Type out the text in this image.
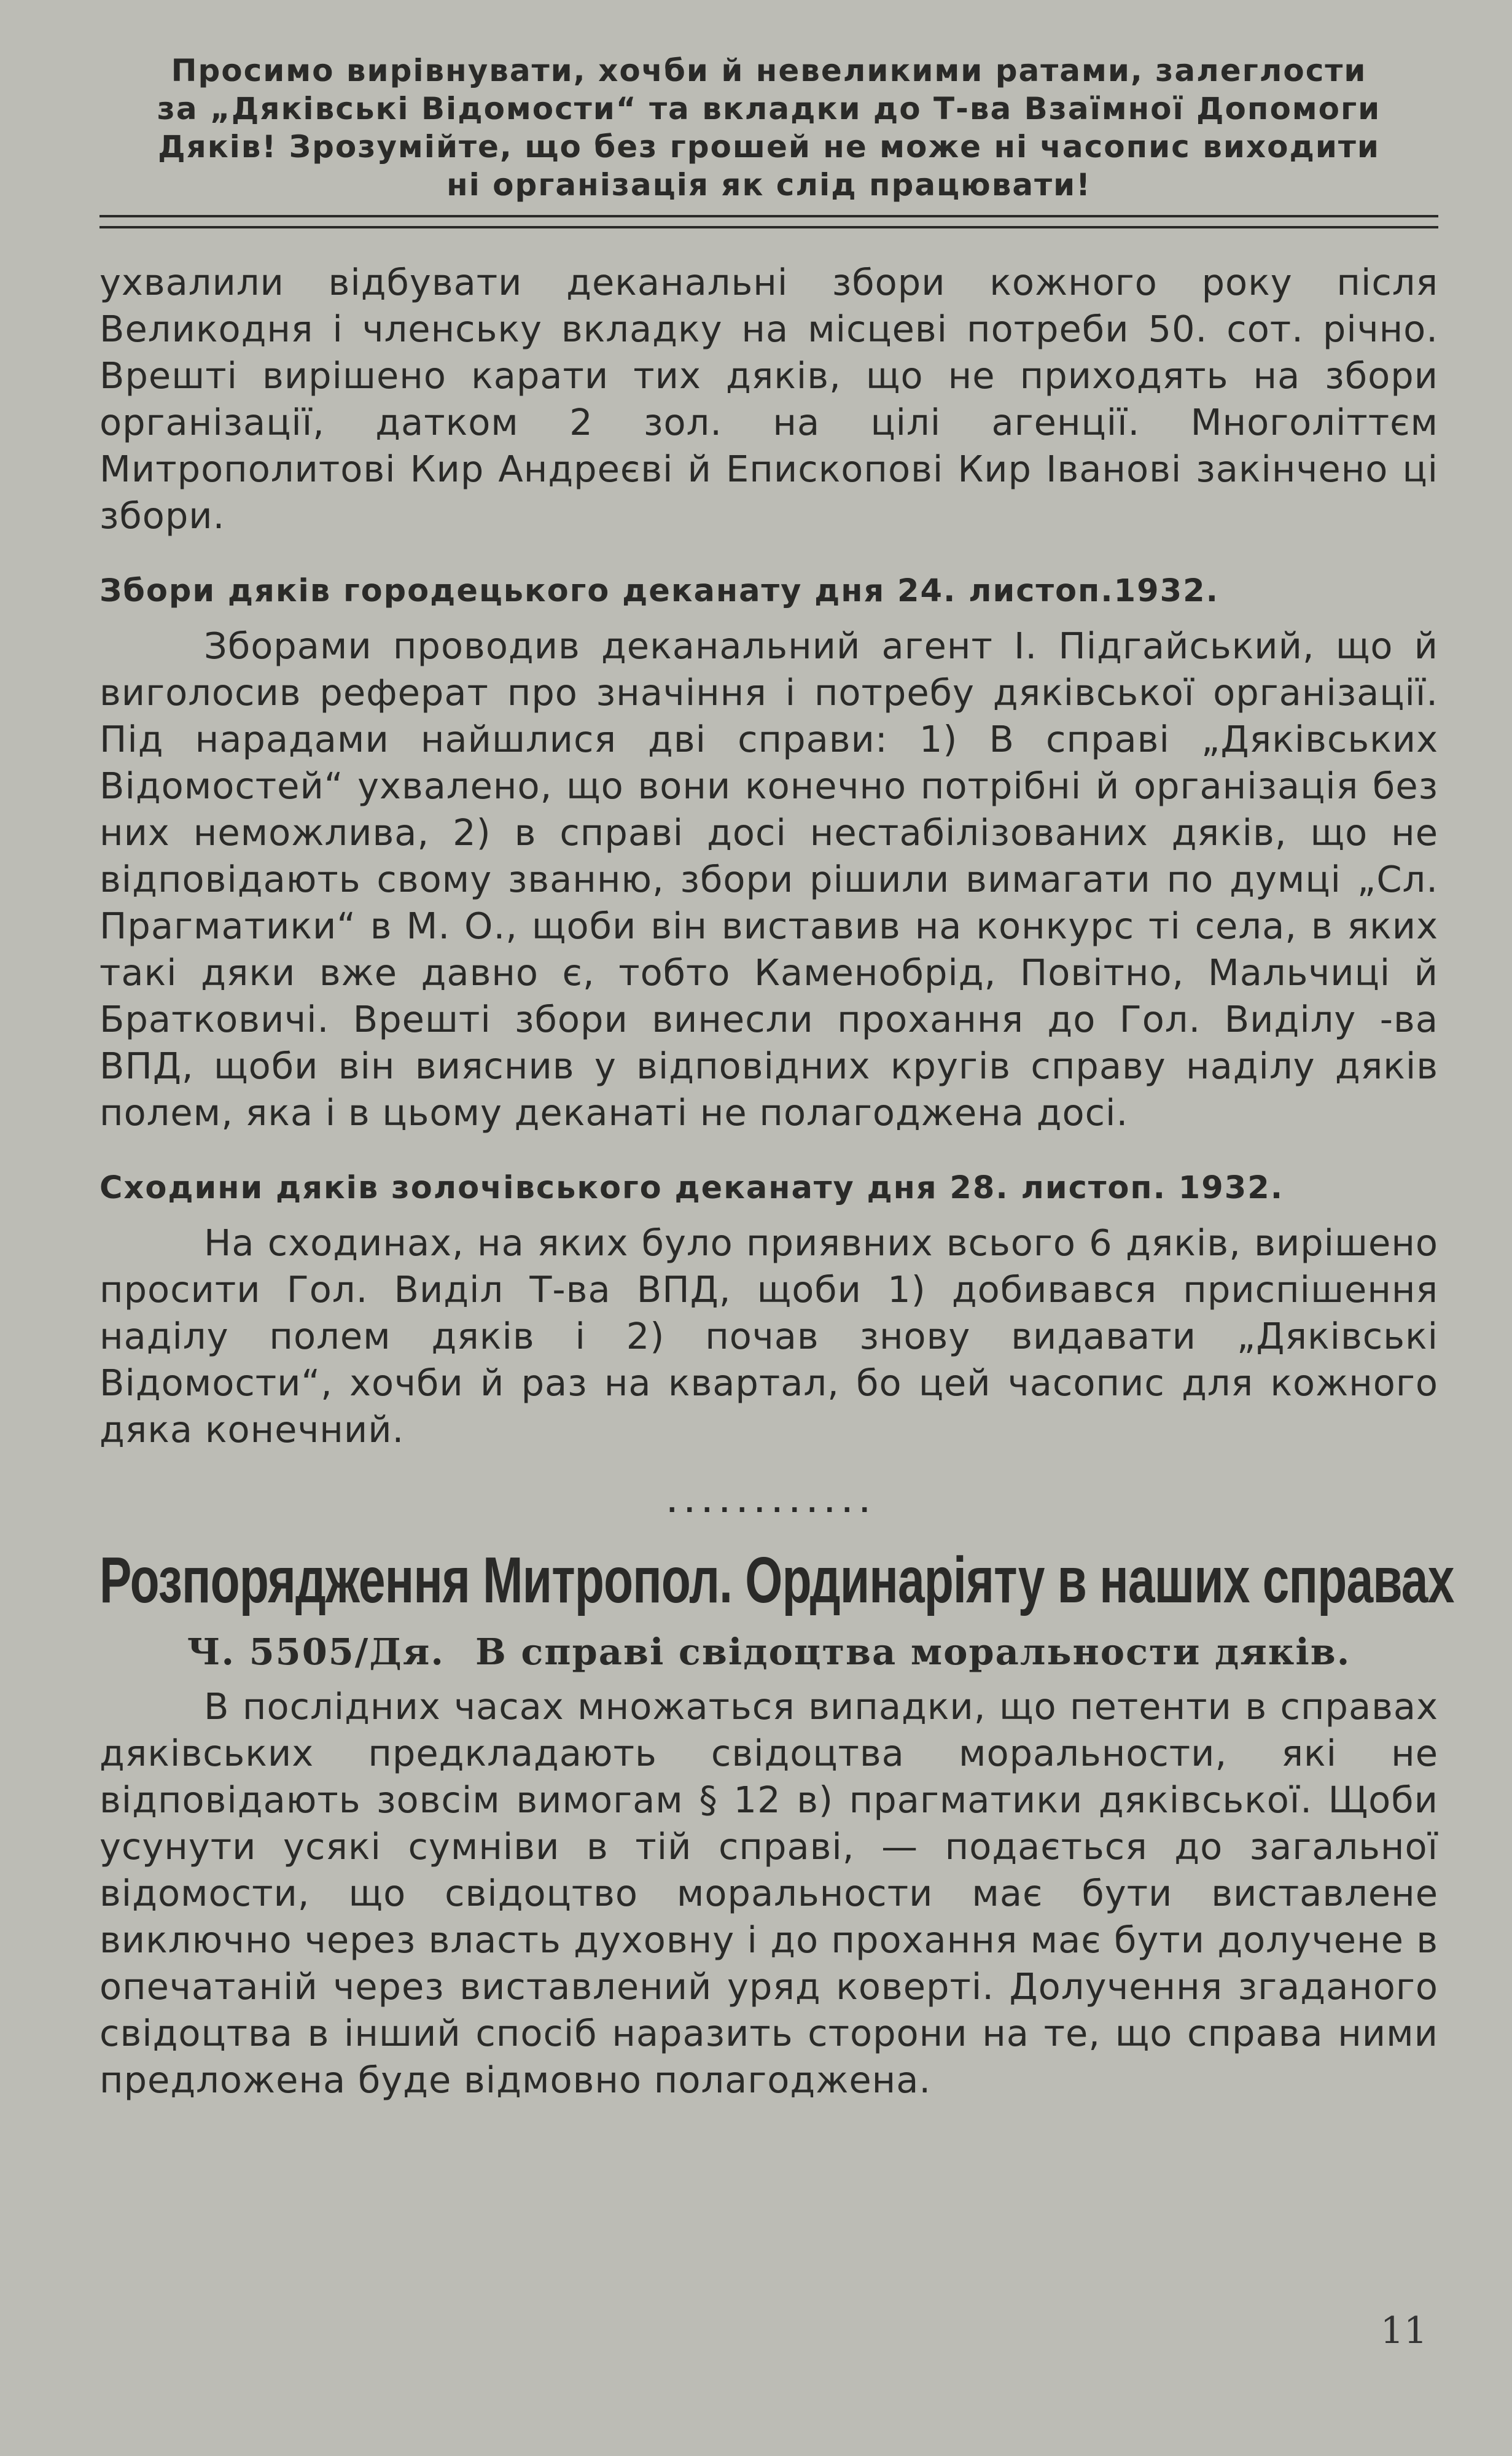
Просимо вирівнувати, хочби й невеликими ратами, залеглости

за „Дяківські Відомости“ та вкладки до Т-ва Взаїмної Допомоги

Дяків! Зрозумійте, що без грошей не може ні часопис виходити

ні організація як слід працювати!

ухвалили відбувати деканальні збори кожного року після Великодня і членську вкладку на місцеві потреби 50. сот. річно. Врешті вирішено карати тих дяків, що не приходять на збори організації, датком 2 зол. на цілі агенції. Многоліттєм Митрополитові Кир Андреєві й Епископові Кир Іванові закінчено ці збори.

Збори дяків городецького деканату дня 24. листоп.1932.

Зборами проводив деканальний агент І. Підгайський, що й виголосив реферат про значіння і потребу дяківської організації. Під нарадами найшлися дві справи: 1) В справі „Дяківських Відомостей“ ухвалено, що вони конечно потрібні й організація без них неможлива, 2) в справі досі нестабілізованих дяків, що не відповідають свому званню, збори рішили вимагати по думці „Сл. Прагматики“ в М. О., щоби він виставив на конкурс ті села, в яких такі дяки вже давно є, тобто Каменобрід, Повітно, Мальчиці й Братковичі. Врешті збори винесли прохання до Гол. Виділу -ва ВПД, щоби він вияснив у відповідних кругів справу наділу дяків полем, яка і в цьому деканаті не полагоджена досі.

Сходини дяків золочівського деканату дня 28. листоп. 1932.

На сходинах, на яких було приявних всього 6 дяків, вирішено просити Гол. Виділ Т-ва ВПД, щоби 1) добивався приспішення наділу полем дяків і 2) почав знову видавати „Дяківські Відомости“, хочби й раз на квартал, бо цей часопис для кожного дяка конечний.

............
Розпорядження Митропол. Ординаріяту в наших справах
Ч. 5505/Дя. В справі свідоцтва моральности дяків.

В послідних часах множаться випадки, що петенти в справах дяківських предкладають свідоцтва моральности, які не відповідають зовсім вимогам § 12 в) прагматики дяківської. Щоби усунути усякі сумніви в тій справі, — подається до загальної відомости, що свідоцтво моральности має бути виставлене виключно через власть духовну і до прохання має бути долучене в опечатаній через виставлений уряд коверті. Долучення згаданого свідоцтва в інший спосіб наразить сторони на те, що справа ними предложена буде відмовно полагоджена.

11
